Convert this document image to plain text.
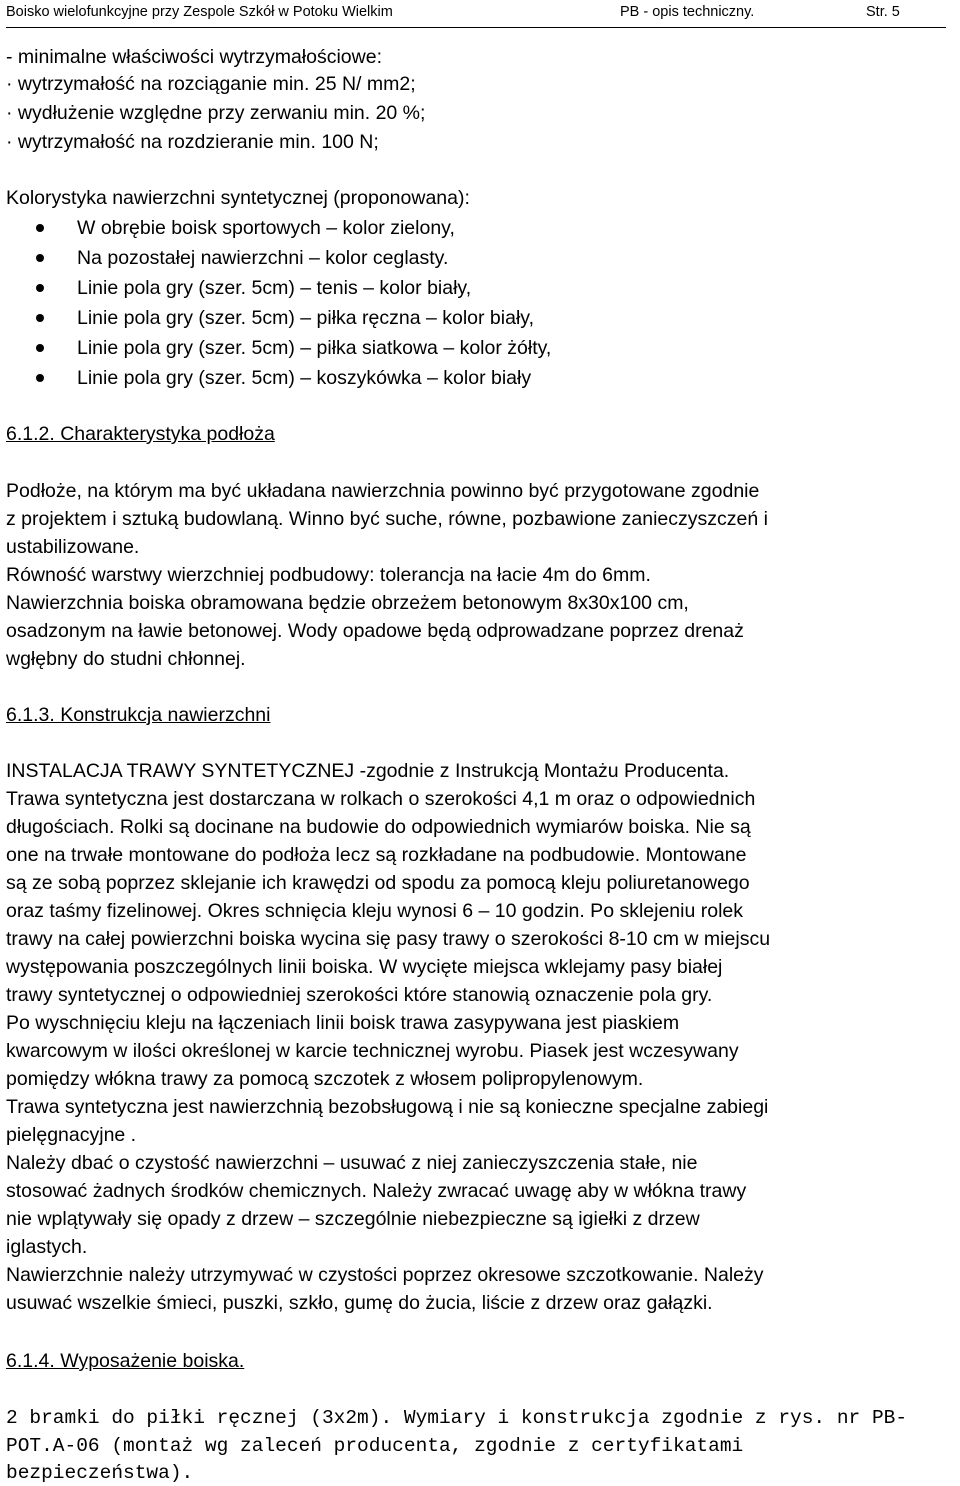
Boisko wielofunkcyjne przy Zespole Szkół w Potoku Wielkim	PB - opis techniczny.	Str. 5
- minimalne właściwości wytrzymałościowe:
· wytrzymałość na rozciąganie min. 25 N/ mm2;
· wydłużenie względne przy zerwaniu min. 20 %;
· wytrzymałość na rozdzieranie min. 100 N;
Kolorystyka nawierzchni syntetycznej (proponowana):
W obrębie boisk sportowych – kolor zielony,
Na pozostałej nawierzchni – kolor ceglasty.
Linie pola gry (szer. 5cm) – tenis – kolor biały,
Linie pola gry (szer. 5cm) – piłka ręczna – kolor biały,
Linie pola gry (szer. 5cm) – piłka siatkowa – kolor żółty,
Linie pola gry (szer. 5cm) – koszykówka – kolor biały
6.1.2. Charakterystyka podłoża
Podłoże, na którym ma być układana nawierzchnia powinno być przygotowane zgodnie
z projektem i sztuką budowlaną. Winno być suche, równe, pozbawione zanieczyszczeń i
ustabilizowane.
Równość warstwy wierzchniej podbudowy: tolerancja na łacie 4m do 6mm.
Nawierzchnia boiska obramowana będzie obrzeżem betonowym 8x30x100 cm,
osadzonym na ławie betonowej. Wody opadowe będą odprowadzane poprzez drenaż
wgłębny do studni chłonnej.
6.1.3. Konstrukcja nawierzchni
INSTALACJA TRAWY SYNTETYCZNEJ -zgodnie z Instrukcją Montażu Producenta.
Trawa syntetyczna jest dostarczana w rolkach o szerokości 4,1 m oraz o odpowiednich
długościach. Rolki są docinane na budowie do odpowiednich wymiarów boiska. Nie są
one na trwałe montowane do podłoża lecz są rozkładane na podbudowie. Montowane
są ze sobą poprzez sklejanie ich krawędzi od spodu za pomocą kleju poliuretanowego
oraz taśmy fizelinowej. Okres schnięcia kleju wynosi 6 – 10 godzin. Po sklejeniu rolek
trawy na całej powierzchni boiska wycina się pasy trawy o szerokości 8-10 cm w miejscu
występowania poszczególnych linii boiska. W wycięte miejsca wklejamy pasy białej
trawy syntetycznej o odpowiedniej szerokości które stanowią oznaczenie pola gry.
Po wyschnięciu kleju na łączeniach linii boisk trawa zasypywana jest piaskiem
kwarcowym w ilości określonej w karcie technicznej wyrobu. Piasek jest wczesywany
pomiędzy włókna trawy za pomocą szczotek z włosem polipropylenowym.
Trawa syntetyczna jest nawierzchnią bezobsługową i nie są konieczne specjalne zabiegi
pielęgnacyjne .
Należy dbać o czystość nawierzchni – usuwać z niej zanieczyszczenia stałe, nie
stosować żadnych środków chemicznych. Należy zwracać uwagę aby w włókna trawy
nie wplątywały się opady z drzew – szczególnie niebezpieczne są igiełki z drzew
iglastych.
Nawierzchnie należy utrzymywać w czystości poprzez okresowe szczotkowanie. Należy
usuwać wszelkie śmieci, puszki, szkło, gumę do żucia, liście z drzew oraz gałązki.
6.1.4. Wyposażenie boiska.
2 bramki do piłki ręcznej (3x2m). Wymiary i konstrukcja zgodnie z rys. nr PB-
POT.A-06 (montaż wg zaleceń producenta, zgodnie z certyfikatami
bezpieczeństwa).
